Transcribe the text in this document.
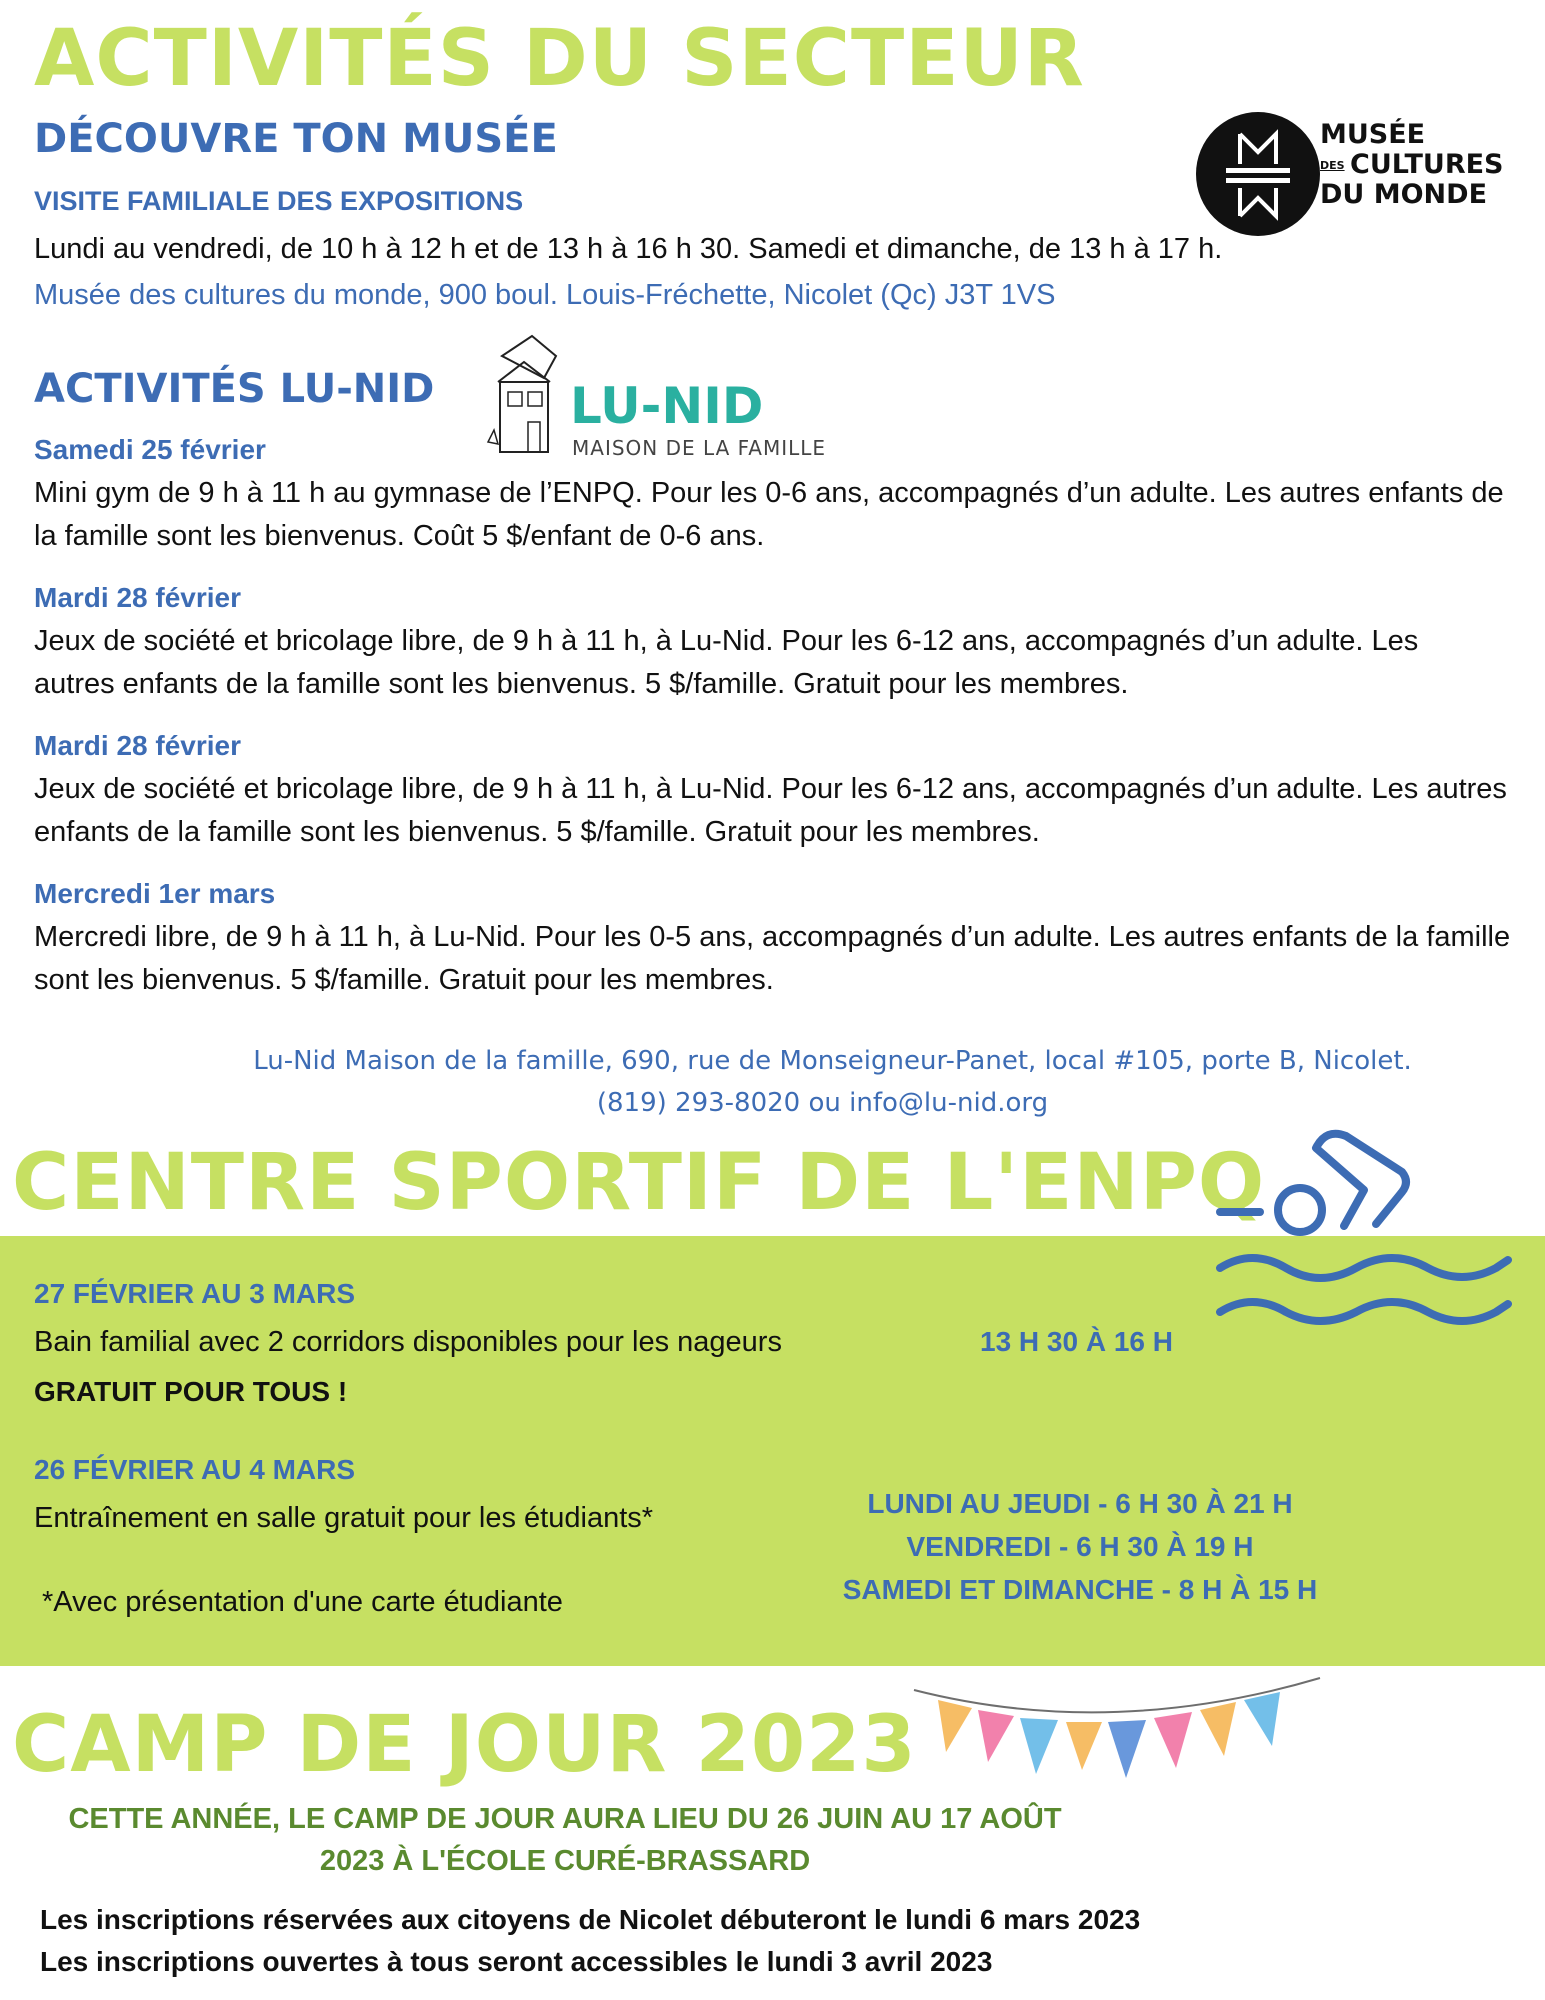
ACTIVITÉS DU SECTEUR
DÉCOUVRE TON MUSÉE
VISITE FAMILIALE DES EXPOSITIONS
Lundi au vendredi, de 10 h à 12 h et de 13 h à 16 h 30. Samedi et dimanche, de 13 h à 17 h.
Musée des cultures du monde, 900 boul. Louis-Fréchette, Nicolet (Qc) J3T 1VS
MUSÉE
DES CULTURES
DU MONDE
ACTIVITÉS LU-NID	LU-NID
MAISON DE LA FAMILLE
Samedi 25 février
Mini gym de 9 h à 11 h au gymnase de l’ENPQ. Pour les 0-6 ans, accompagnés d’un adulte. Les autres enfants de la famille sont les bienvenus. Coût 5 $/enfant de 0-6 ans.
Mardi 28 février
Jeux de société et bricolage libre, de 9 h à 11 h, à Lu-Nid. Pour les 6-12 ans, accompagnés d’un adulte. Les autres enfants de la famille sont les bienvenus. 5 $/famille. Gratuit pour les membres.
Mardi 28 février
Jeux de société et bricolage libre, de 9 h à 11 h, à Lu-Nid. Pour les 6-12 ans, accompagnés d’un adulte. Les autres enfants de la famille sont les bienvenus. 5 $/famille. Gratuit pour les membres.
Mercredi 1er mars
Mercredi libre, de 9 h à 11 h, à Lu-Nid. Pour les 0-5 ans, accompagnés d’un adulte. Les autres enfants de la famille sont les bienvenus. 5 $/famille. Gratuit pour les membres.
Lu-Nid Maison de la famille, 690, rue de Monseigneur-Panet, local #105, porte B, Nicolet.
(819) 293-8020 ou info@lu-nid.org
CENTRE SPORTIF DE L'ENPQ
27 FÉVRIER AU 3 MARS
Bain familial avec 2 corridors disponibles pour les nageurs	13 H 30 À 16 H
GRATUIT POUR TOUS !
26 FÉVRIER AU 4 MARS
Entraînement en salle gratuit pour les étudiants*
*Avec présentation d'une carte étudiante
LUNDI AU JEUDI - 6 H 30 À 21 H
VENDREDI - 6 H 30 À 19 H
SAMEDI ET DIMANCHE - 8 H À 15 H
CAMP DE JOUR 2023
CETTE ANNÉE, LE CAMP DE JOUR AURA LIEU DU 26 JUIN AU 17 AOÛT
2023 À L'ÉCOLE CURÉ-BRASSARD
Les inscriptions réservées aux citoyens de Nicolet débuteront le lundi 6 mars 2023
Les inscriptions ouvertes à tous seront accessibles le lundi 3 avril 2023
